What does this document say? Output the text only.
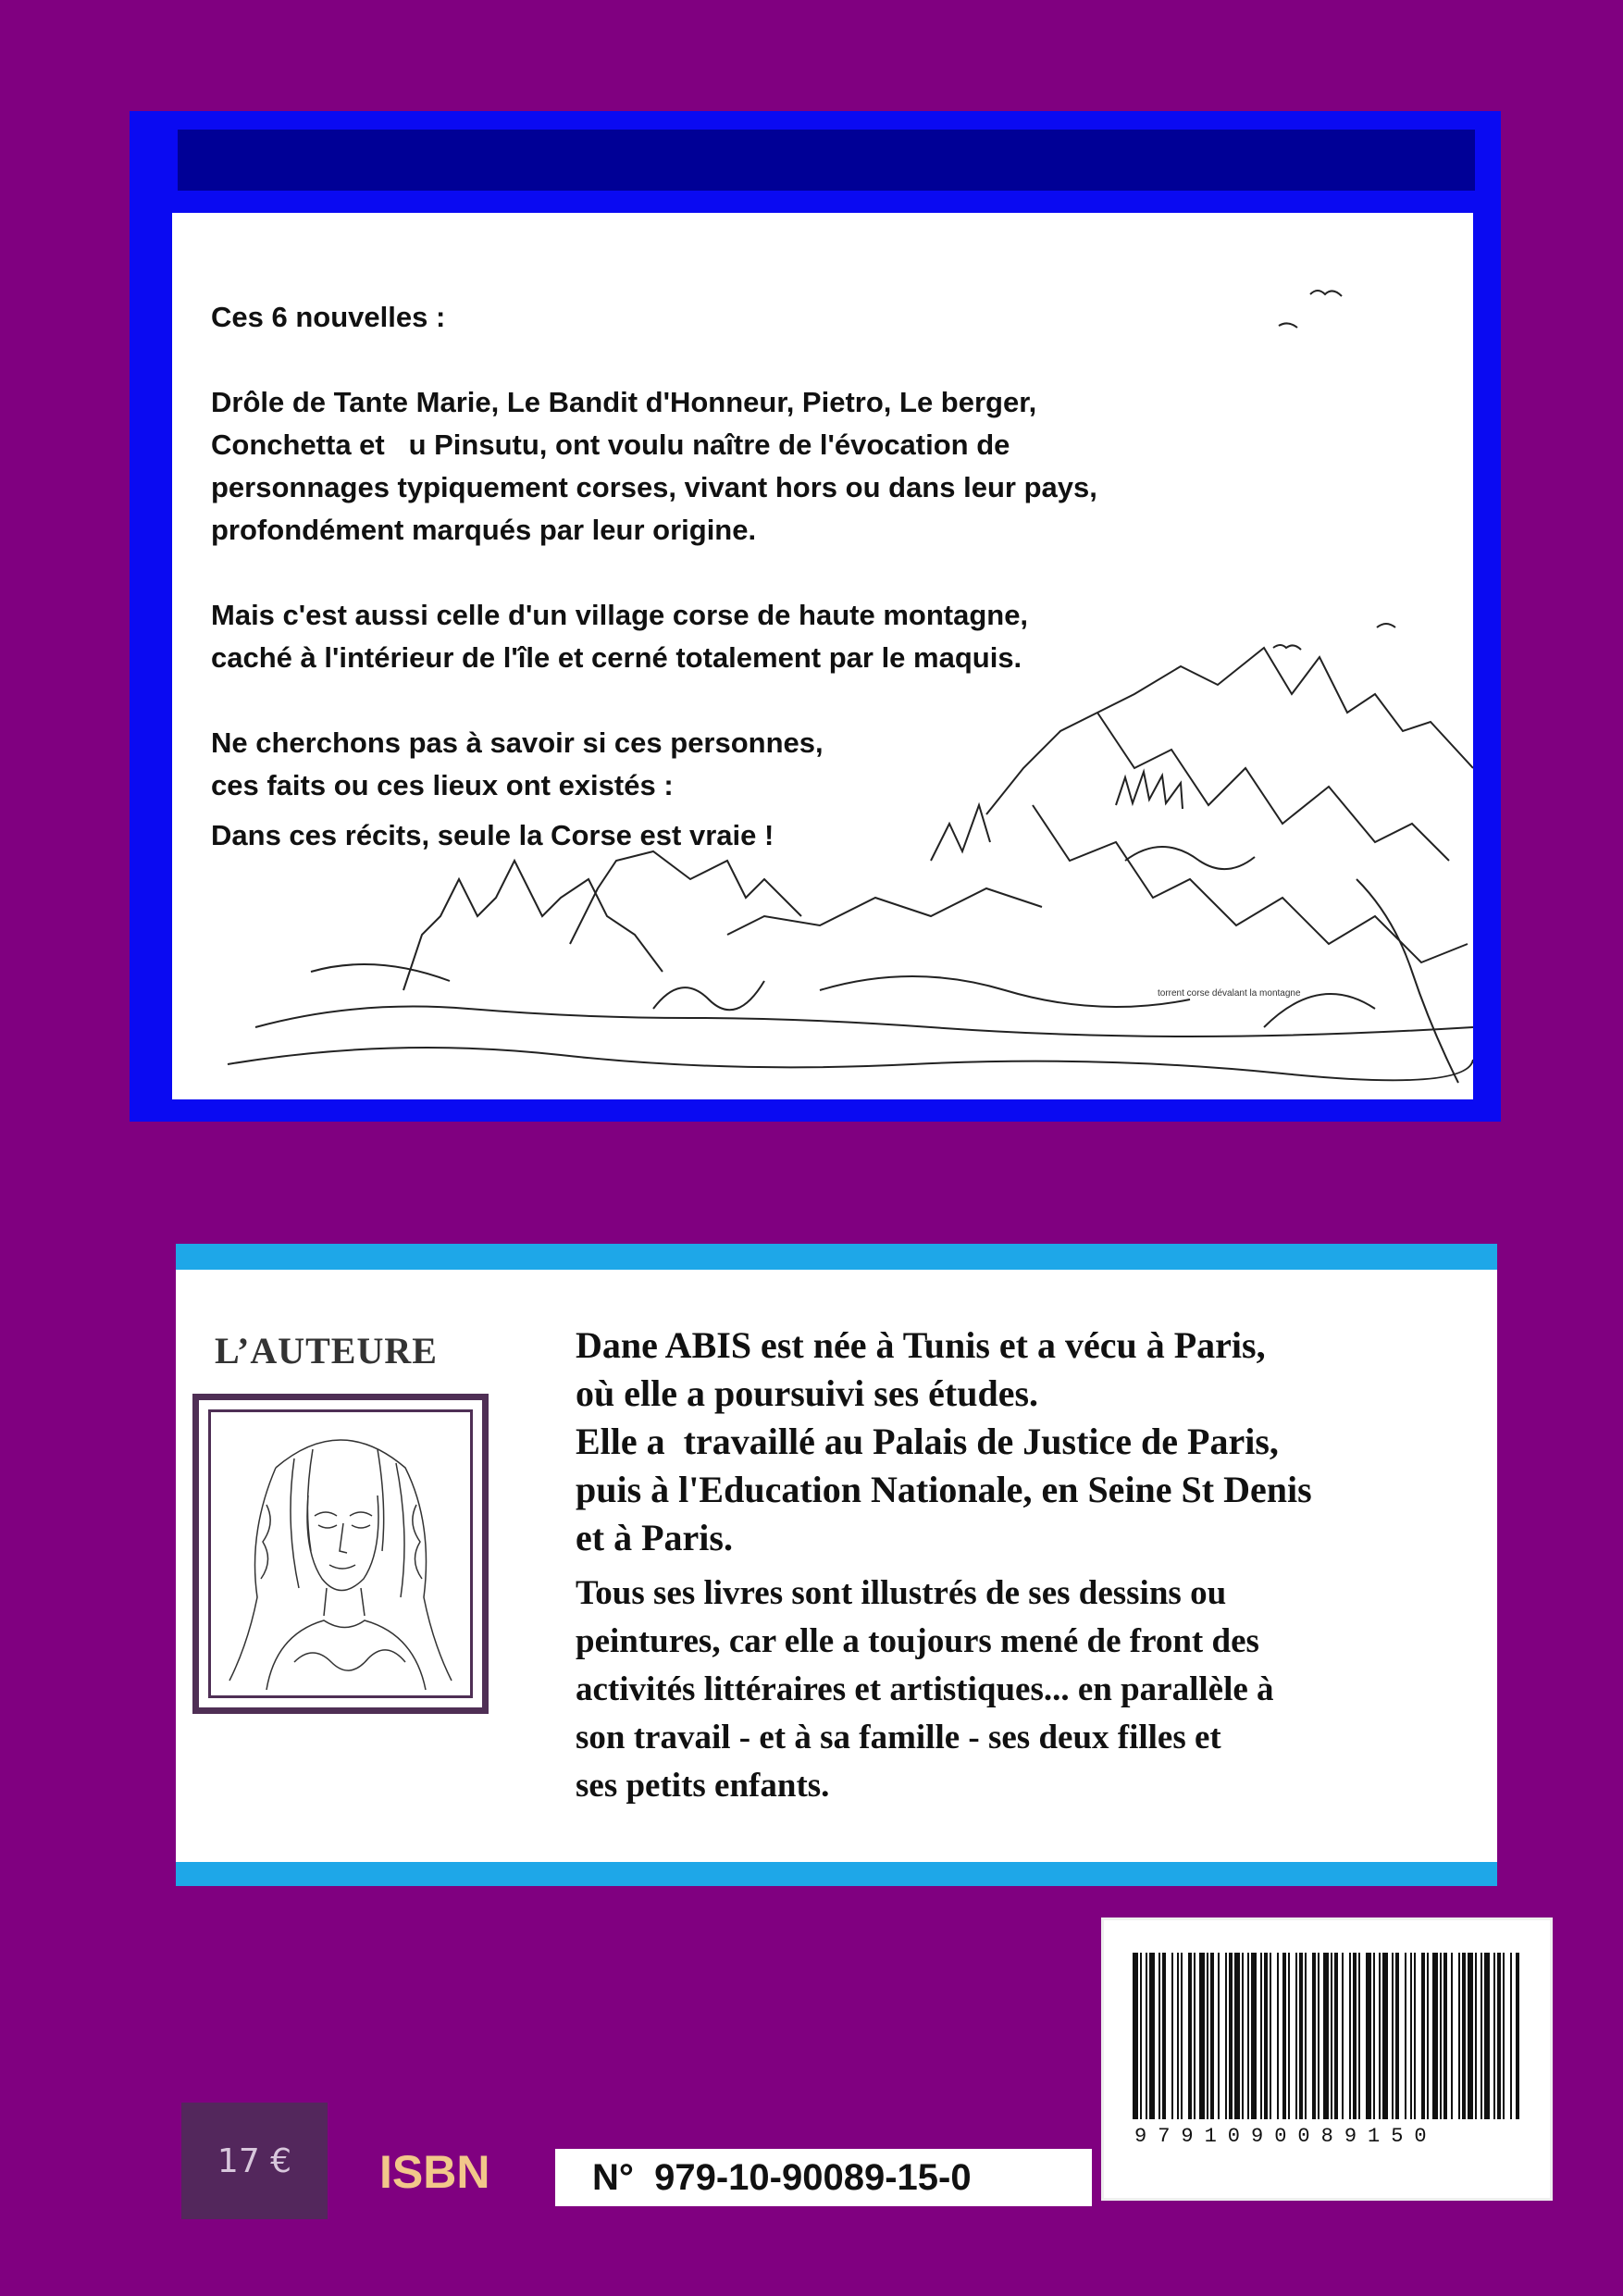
torrent corse dévalant la montagne

Ces 6 nouvelles :

Drôle de Tante Marie, Le Bandit d'Honneur, Pietro, Le berger,
Conchetta et   u Pinsutu, ont voulu naître de l'évocation de
personnages typiquement corses, vivant hors ou dans leur pays,
profondément marqués par leur origine.

Mais c'est aussi celle d'un village corse de haute montagne,
caché à l'intérieur de l'île et cerné totalement par le maquis.

Ne cherchons pas à savoir si ces personnes,
ces faits ou ces lieux ont existés :

Dans ces récits, seule la Corse est vraie !

L’AUTEURE	Dane ABIS est née à Tunis et a vécu à Paris,
où elle a poursuivi ses études.
Elle a  travaillé au Palais de Justice de Paris,
puis à l'Education Nationale, en Seine St Denis
et à Paris.
Tous ses livres sont illustrés de ses dessins ou
peintures, car elle a toujours mené de front des
activités littéraires et artistiques... en parallèle à
son travail - et à sa famille - ses deux filles et
ses petits enfants.
9791090089150
17 €	ISBN	N°  979-10-90089-15-0
